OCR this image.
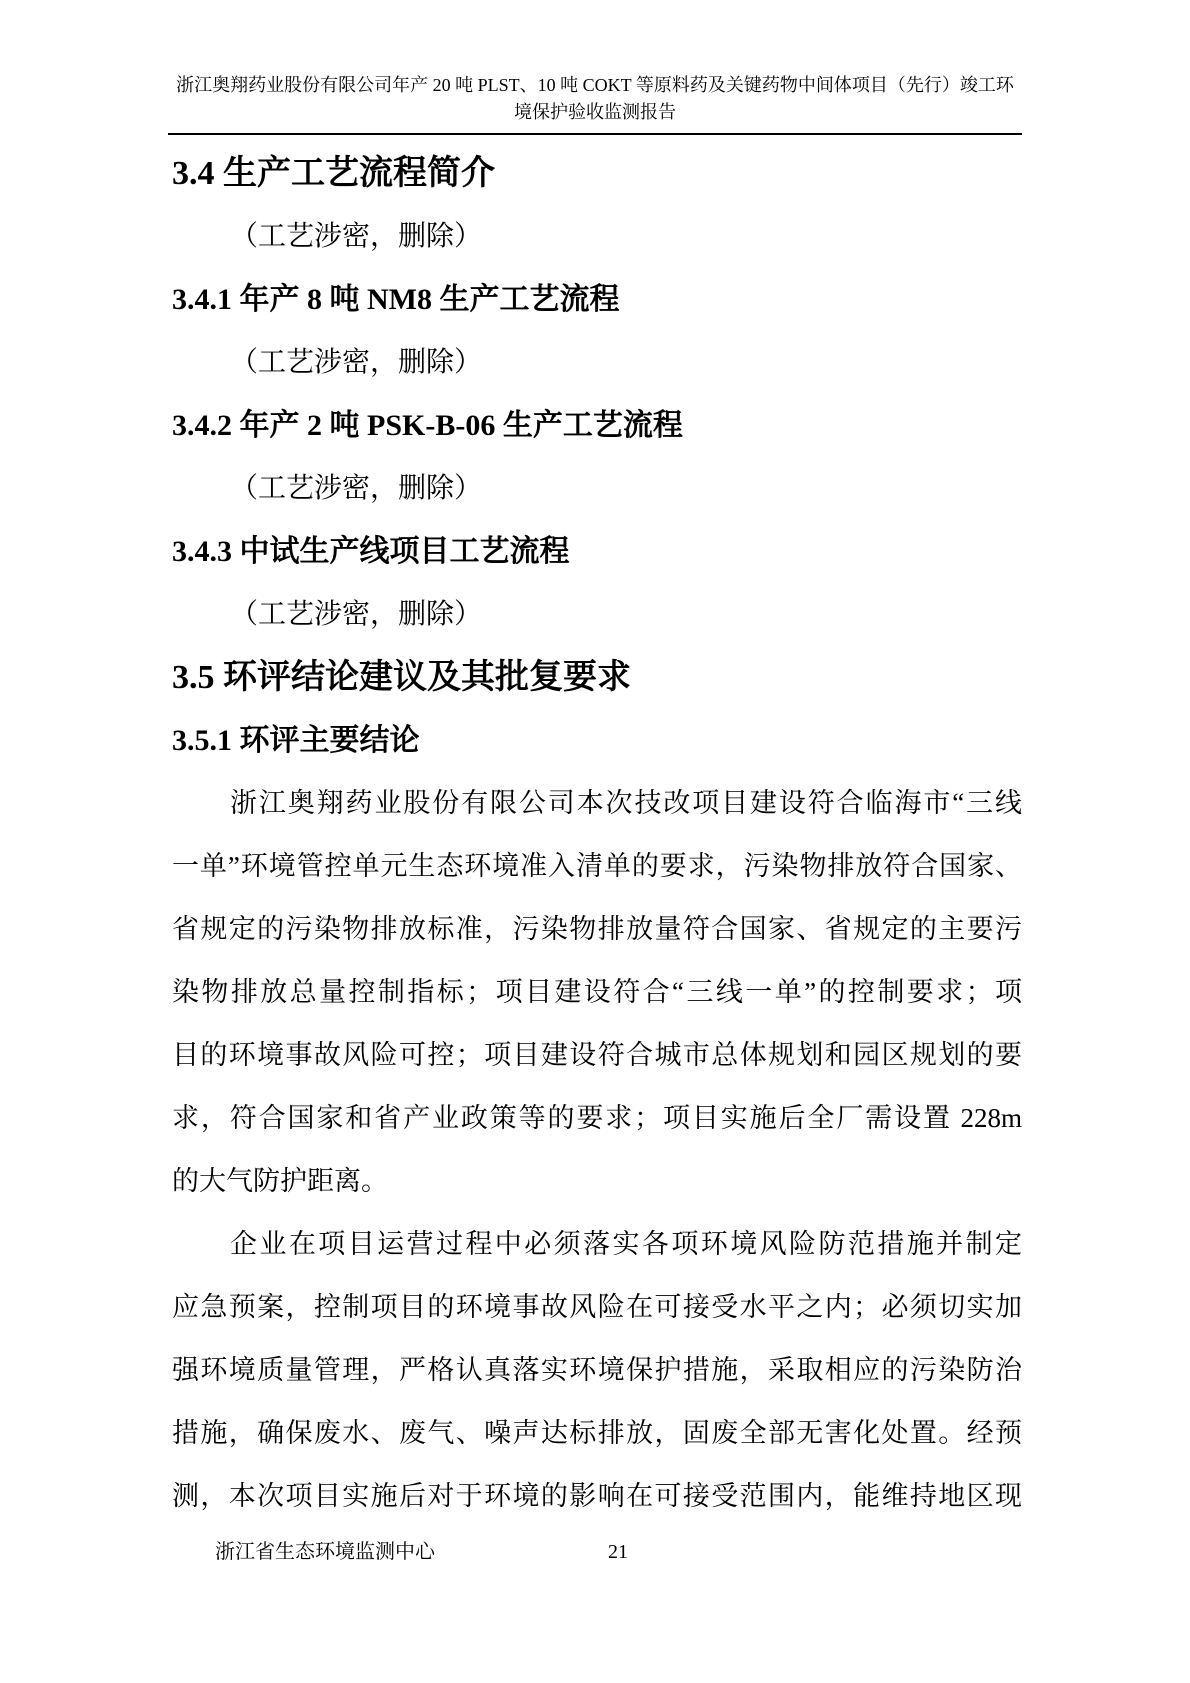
浙江奥翔药业股份有限公司年产 20 吨 PLST、10 吨 COKT 等原料药及关键药物中间体项目（先行）竣工环
境保护验收监测报告
3.4 生产工艺流程简介

（工艺涉密，删除）

3.4.1 年产 8 吨 NM8 生产工艺流程

（工艺涉密，删除）

3.4.2 年产 2 吨 PSK-B-06 生产工艺流程

（工艺涉密，删除）

3.4.3 中试生产线项目工艺流程

（工艺涉密，删除）

3.5 环评结论建议及其批复要求
3.5.1 环评主要结论
浙江奥翔药业股份有限公司本次技改项目建设符合临海市“三线
一单”环境管控单元生态环境准入清单的要求，污染物排放符合国家、
省规定的污染物排放标准，污染物排放量符合国家、省规定的主要污
染物排放总量控制指标；项目建设符合“三线一单”的控制要求；项
目的环境事故风险可控；项目建设符合城市总体规划和园区规划的要
求，符合国家和省产业政策等的要求；项目实施后全厂需设置 228m
的大气防护距离。
企业在项目运营过程中必须落实各项环境风险防范措施并制定
应急预案，控制项目的环境事故风险在可接受水平之内；必须切实加
强环境质量管理，严格认真落实环境保护措施，采取相应的污染防治
措施，确保废水、废气、噪声达标排放，固废全部无害化处置。经预
测，本次项目实施后对于环境的影响在可接受范围内，能维持地区现
浙江省生态环境监测中心	21
